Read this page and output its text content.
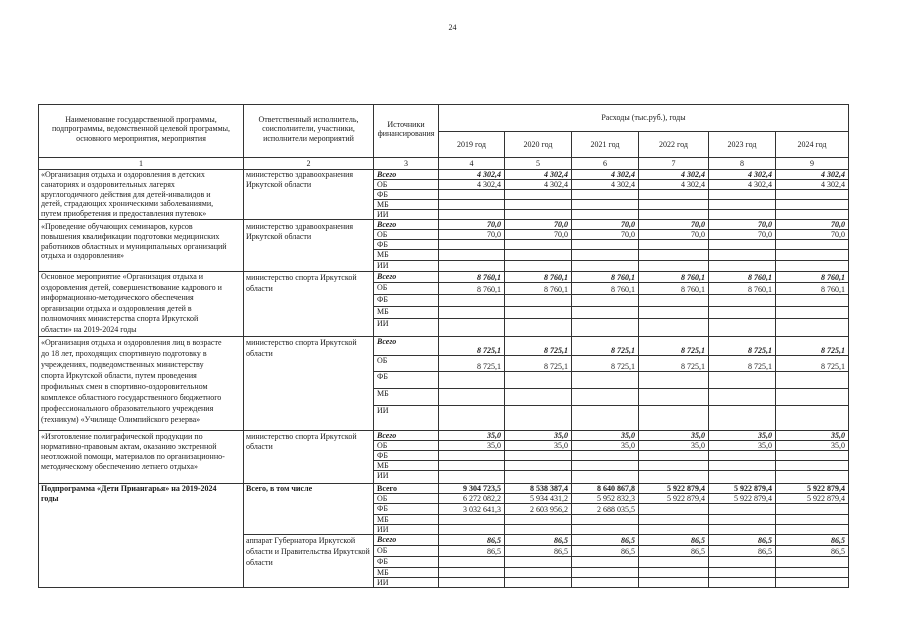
24
Наименование государственной программы,
подпрограммы, ведомственной целевой программы,
основного мероприятия, мероприятия
Ответственный исполнитель,
соисполнители, участники,
исполнители мероприятий
Источники
финансирования
Расходы (тыс.руб.), годы
2019 год	2020 год	2021 год	2022 год	2023 год	2024 год
1	2	3	4	5	6	7	8	9
«Организация отдыха и оздоровления в детских
санаториях и оздоровительных лагерях
круглогодичного действия для детей-инвалидов и
детей, страдающих хроническими заболеваниями,
путем приобретения и предоставления путевок»
министерство здравоохранения
Иркутской области
Всего	4 302,4	4 302,4	4 302,4	4 302,4	4 302,4	4 302,4
ОБ	4 302,4	4 302,4	4 302,4	4 302,4	4 302,4	4 302,4
ФБ
МБ
ИИ
«Проведение обучающих семинаров, курсов
повышения квалификации подготовки медицинских
работников областных и муниципальных организаций
отдыха и оздоровления»
министерство здравоохранения
Иркутской области
Всего	70,0	70,0	70,0	70,0	70,0	70,0
ОБ	70,0	70,0	70,0	70,0	70,0	70,0
ФБ
МБ
ИИ
Основное мероприятие «Организация отдыха и
оздоровления детей, совершенствование кадрового и
информационно-методического обеспечения
организации отдыха и оздоровления детей в
полномочиях министерства спорта Иркутской
области» на 2019-2024 годы
министерство спорта Иркутской
области
Всего	8 760,1	8 760,1	8 760,1	8 760,1	8 760,1	8 760,1
ОБ	8 760,1	8 760,1	8 760,1	8 760,1	8 760,1	8 760,1
ФБ
МБ
ИИ
«Организация отдыха и оздоровления лиц в возрасте
до 18 лет, проходящих спортивную подготовку в
учреждениях, подведомственных министерству
спорта Иркутской области, путем проведения
профильных смен в спортивно-оздоровительном
комплексе областного государственного бюджетного
профессионального образовательного учреждения
(техникум) «Училище Олимпийского резерва»
министерство спорта Иркутской
области
Всего
8 725,1	8 725,1	8 725,1	8 725,1	8 725,1	8 725,1
ОБ
8 725,1	8 725,1	8 725,1	8 725,1	8 725,1	8 725,1
ФБ
МБ
ИИ
«Изготовление полиграфической продукции по
нормативно-правовым актам, оказанию экстренной
неотложной помощи, материалов по организационно-
методическому обеспечению летнего отдыха»
министерство спорта Иркутской
области
Всего	35,0	35,0	35,0	35,0	35,0	35,0
ОБ	35,0	35,0	35,0	35,0	35,0	35,0
ФБ
МБ
ИИ
Подпрограмма «Дети Приангарья» на 2019-2024
годы
Всего, в том числе	Всего	9 304 723,5	8 538 387,4	8 640 867,8	5 922 879,4	5 922 879,4	5 922 879,4
ОБ	6 272 082,2	5 934 431,2	5 952 832,3	5 922 879,4	5 922 879,4	5 922 879,4
ФБ	3 032 641,3	2 603 956,2	2 688 035,5
МБ
ИИ
аппарат Губернатора Иркутской
области и Правительства Иркутской
области
Всего	86,5	86,5	86,5	86,5	86,5	86,5
ОБ	86,5	86,5	86,5	86,5	86,5	86,5
ФБ
МБ
ИИ
